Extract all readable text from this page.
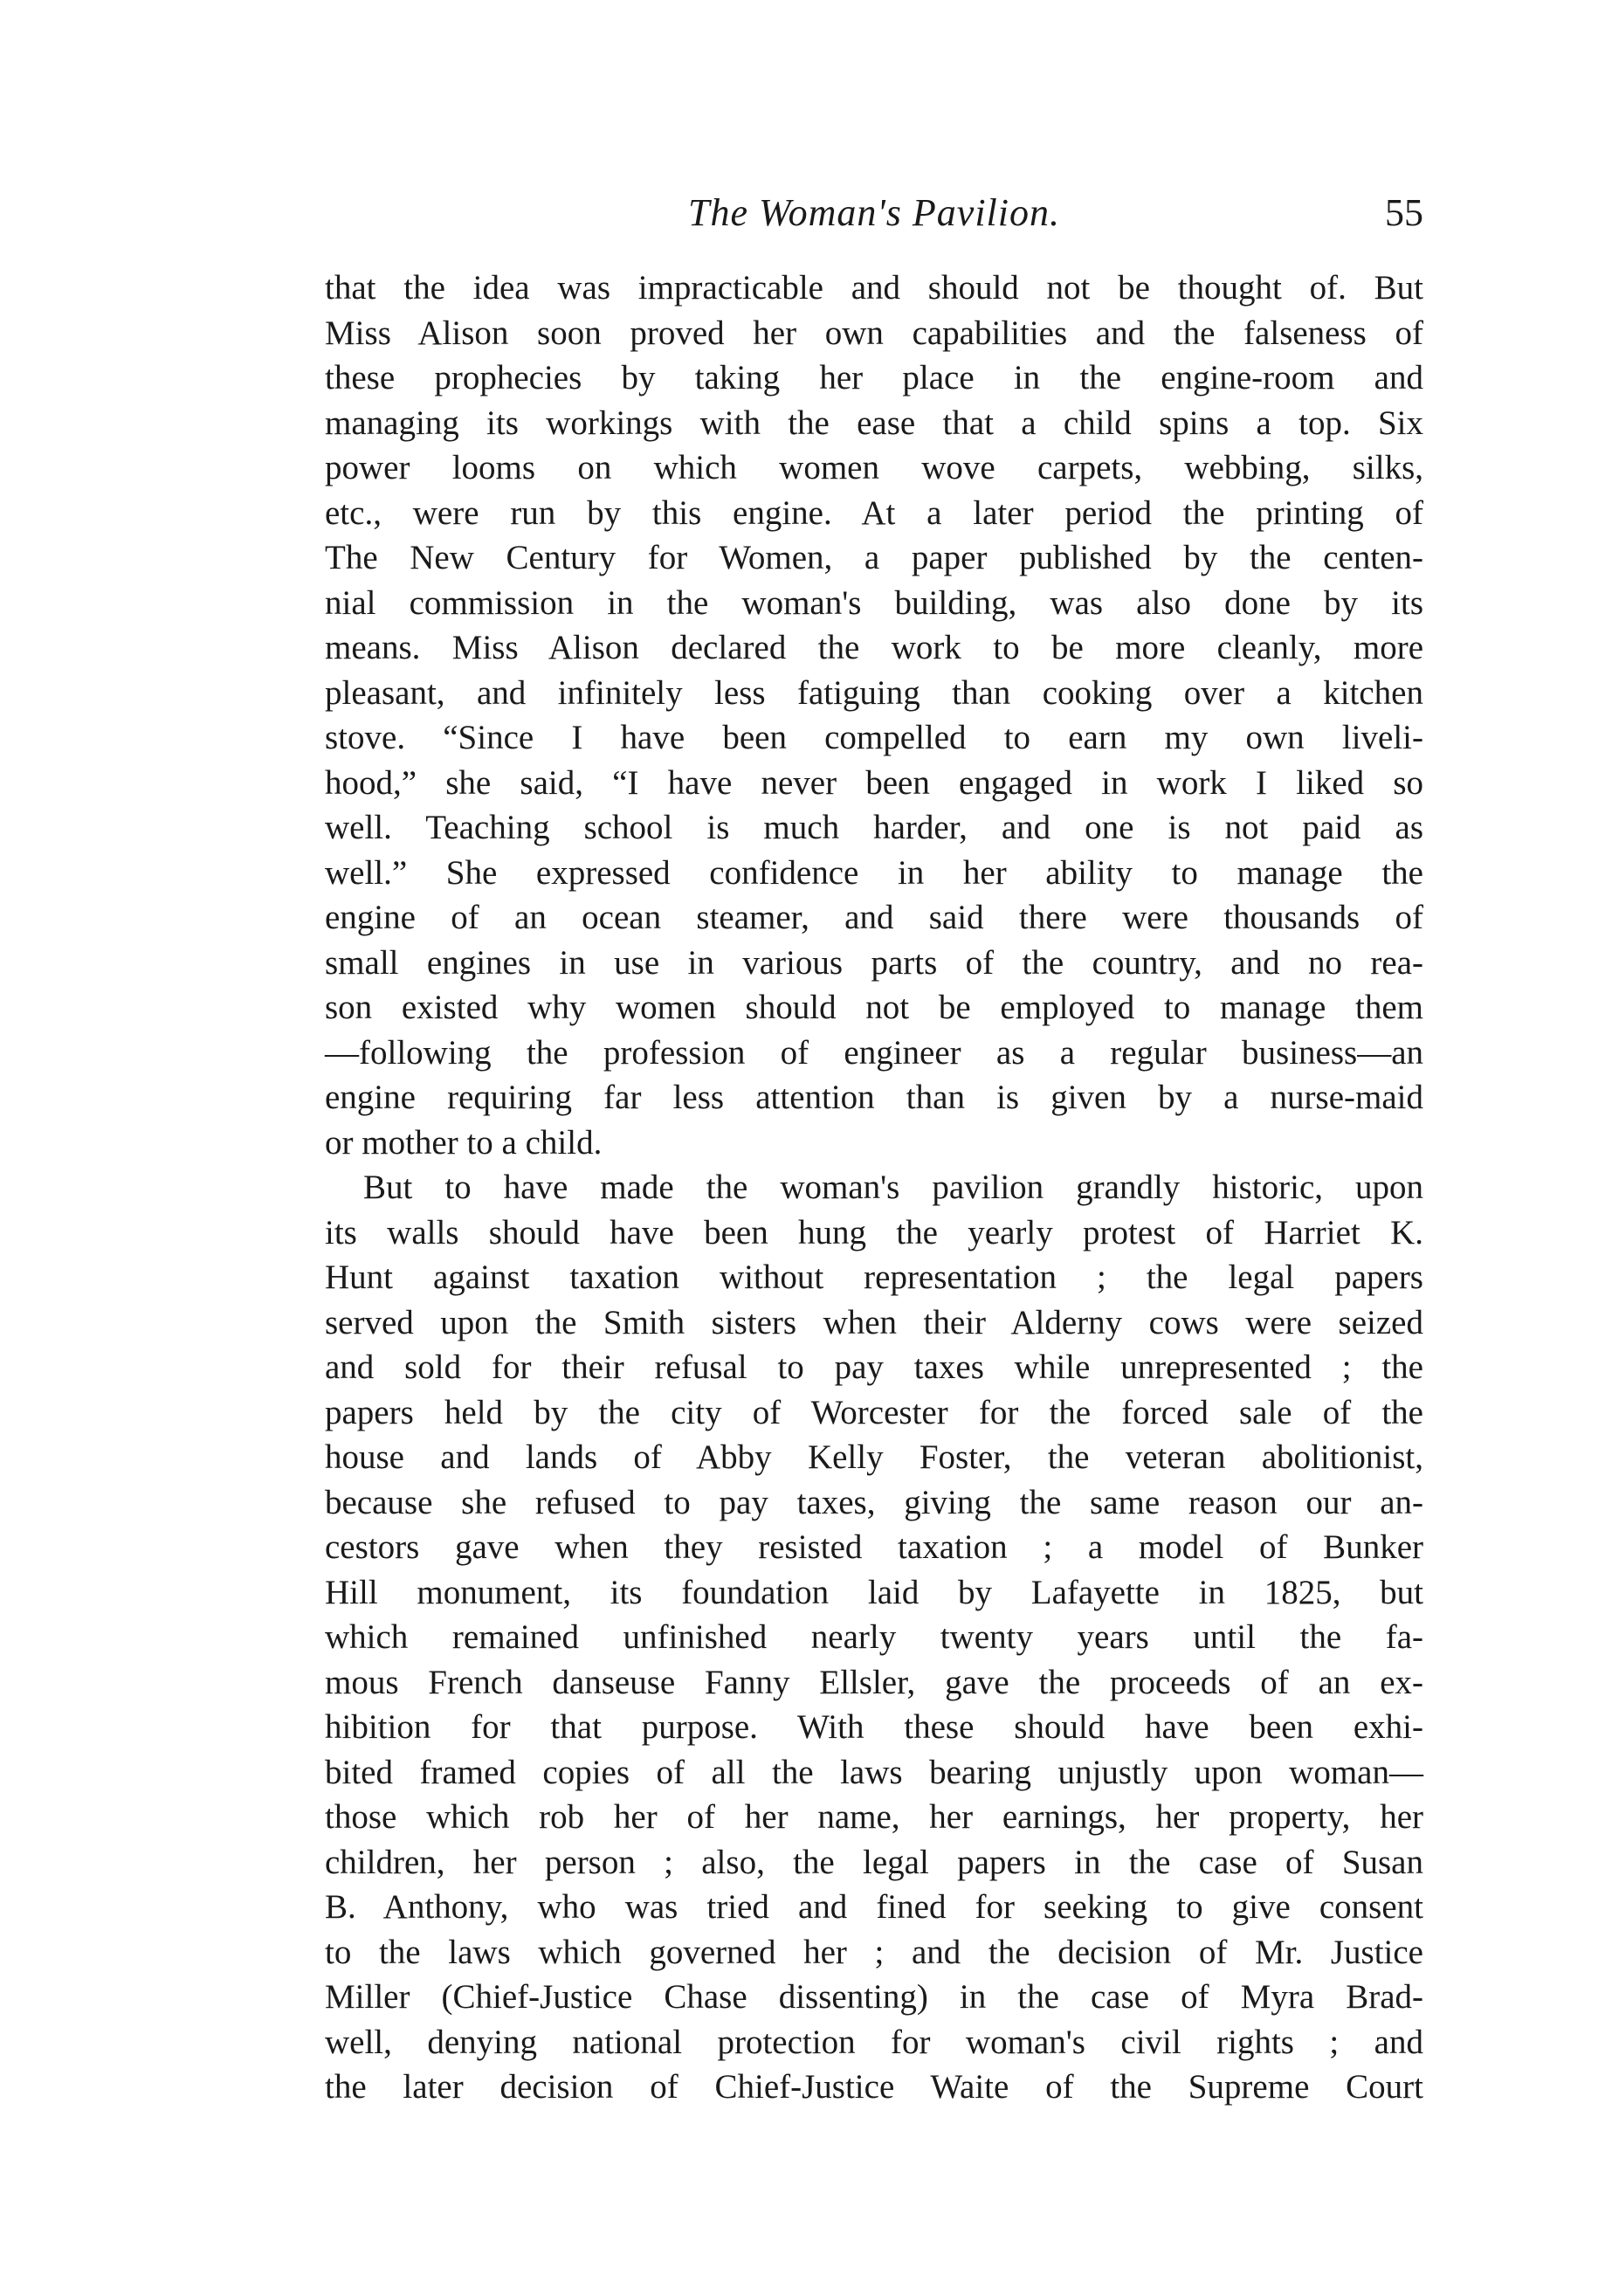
The Woman's Pavilion.	55
that the idea was impracticable and should not be thought of. But
Miss Alison soon proved her own capabilities and the falseness of
these prophecies by taking her place in the engine-room and
managing its workings with the ease that a child spins a top. Six
power looms on which women wove carpets, webbing, silks,
etc., were run by this engine. At a later period the printing of
The New Century for Women, a paper published by the centen-
nial commission in the woman's building, was also done by its
means. Miss Alison declared the work to be more cleanly, more
pleasant, and infinitely less fatiguing than cooking over a kitchen
stove. “Since I have been compelled to earn my own liveli-
hood,” she said, “I have never been engaged in work I liked so
well. Teaching school is much harder, and one is not paid as
well.” She expressed confidence in her ability to manage the
engine of an ocean steamer, and said there were thousands of
small engines in use in various parts of the country, and no rea-
son existed why women should not be employed to manage them
—following the profession of engineer as a regular business—an
engine requiring far less attention than is given by a nurse-maid
or mother to a child.
But to have made the woman's pavilion grandly historic, upon
its walls should have been hung the yearly protest of Harriet K.
Hunt against taxation without representation ; the legal papers
served upon the Smith sisters when their Alderny cows were seized
and sold for their refusal to pay taxes while unrepresented ; the
papers held by the city of Worcester for the forced sale of the
house and lands of Abby Kelly Foster, the veteran abolitionist,
because she refused to pay taxes, giving the same reason our an-
cestors gave when they resisted taxation ; a model of Bunker
Hill monument, its foundation laid by Lafayette in 1825, but
which remained unfinished nearly twenty years until the fa-
mous French danseuse Fanny Ellsler, gave the proceeds of an ex-
hibition for that purpose. With these should have been exhi-
bited framed copies of all the laws bearing unjustly upon woman—
those which rob her of her name, her earnings, her property, her
children, her person ; also, the legal papers in the case of Susan
B. Anthony, who was tried and fined for seeking to give consent
to the laws which governed her ; and the decision of Mr. Justice
Miller (Chief-Justice Chase dissenting) in the case of Myra Brad-
well, denying national protection for woman's civil rights ; and
the later decision of Chief-Justice Waite of the Supreme Court
